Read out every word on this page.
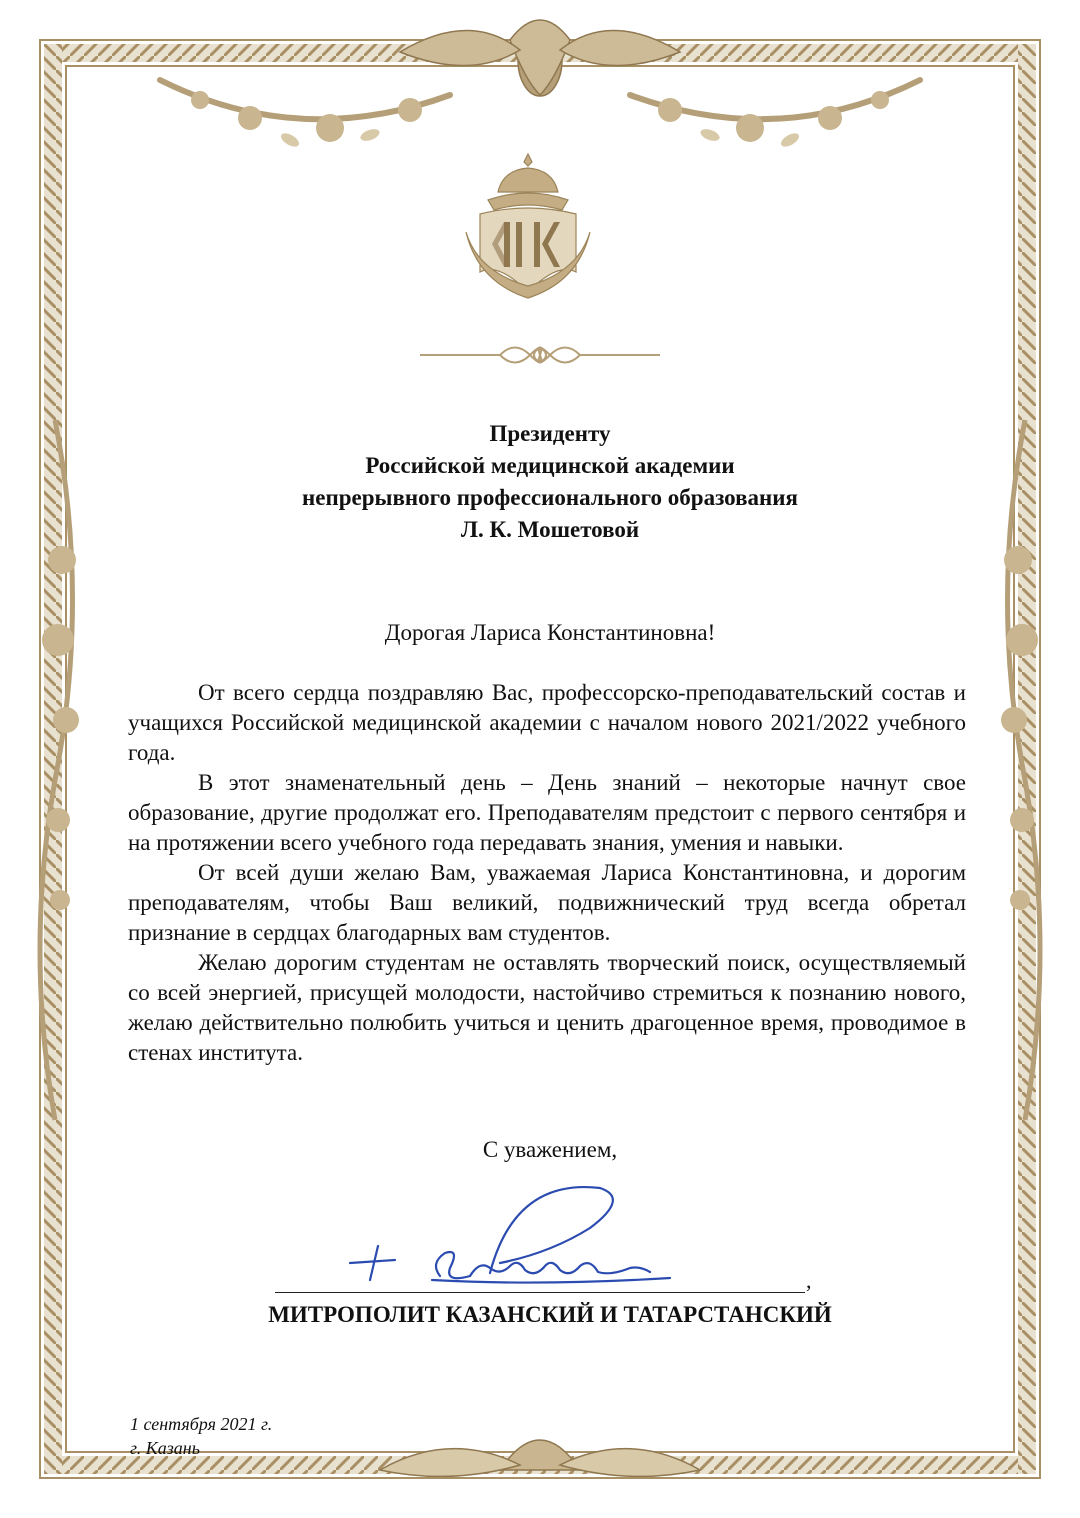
Президенту
Российской медицинской академии
непрерывного профессионального образования
Л. К. Мошетовой
Дорогая Лариса Константиновна!

От всего сердца поздравляю Вас, профессорско-преподавательский состав и учащихся Российской медицинской академии с началом нового 2021/2022 учебного года.

В этот знаменательный день – День знаний – некоторые начнут свое образование, другие продолжат его. Преподавателям предстоит с первого сентября и на протяжении всего учебного года передавать знания, умения и навыки.

От всей души желаю Вам, уважаемая Лариса Константиновна, и дорогим преподавателям, чтобы Ваш великий, подвижнический труд всегда обретал признание в сердцах благодарных вам студентов.

Желаю дорогим студентам не оставлять творческий поиск, осуществляемый со всей энергией, присущей молодости, настойчиво стремиться к познанию нового, желаю действительно полюбить учиться и ценить драгоценное время, проводимое в стенах института.

С уважением,
,
МИТРОПОЛИТ КАЗАНСКИЙ И ТАТАРСТАНСКИЙ
1 сентября 2021 г.
г. Казань
